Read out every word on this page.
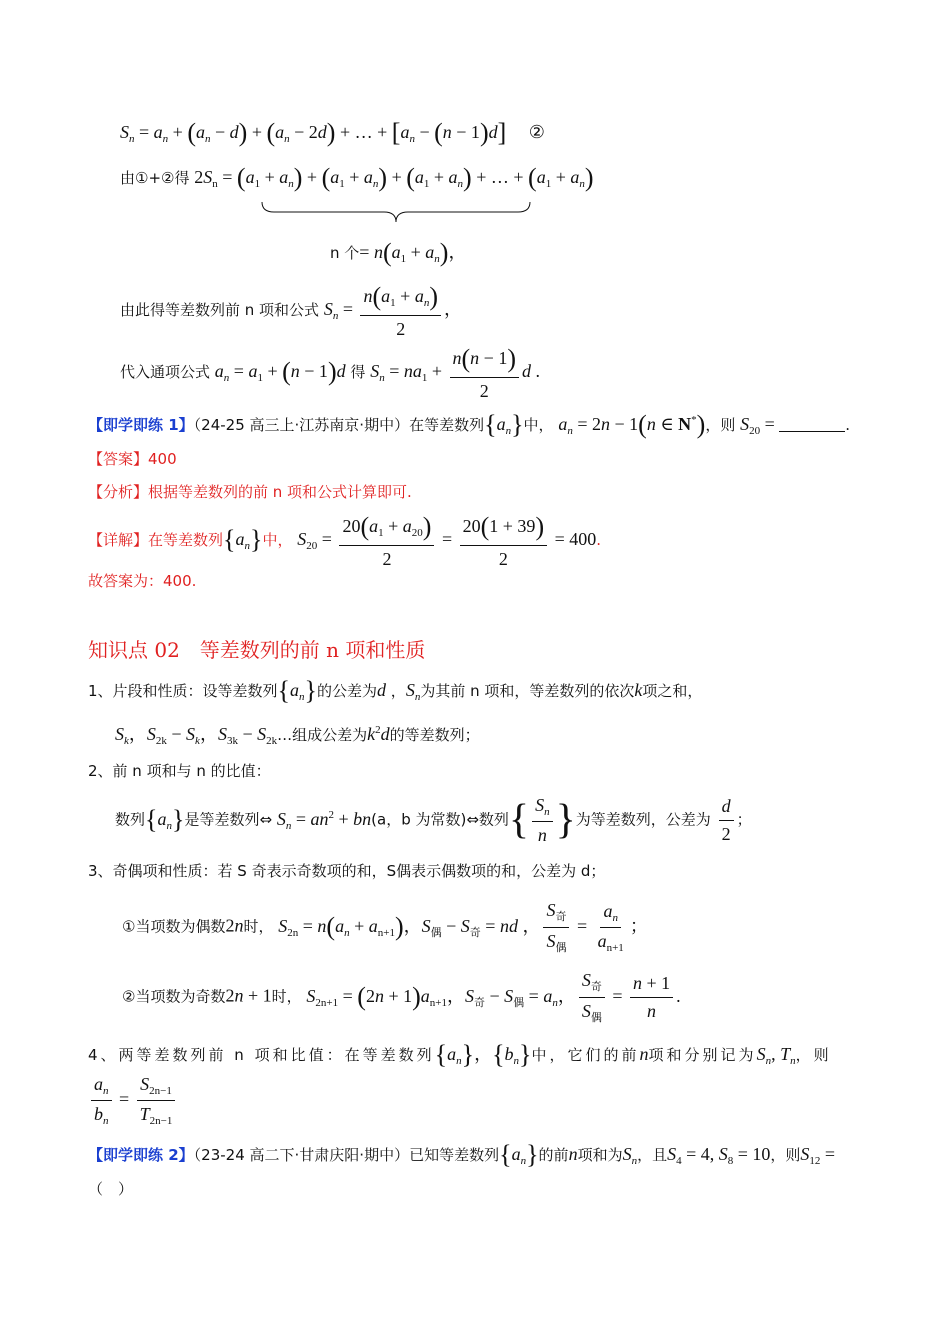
$S_n = a_n + (a_n - d) + (a_n - 2d)$ + … + $[a_n - (n - 1)d]$ ②
由①+②得 $2S_n = (a_1 + a_n) + (a_1 + a_n) + (a_1 + a_n)$ + … + $(a_1 + a_n)$
n 个= $n(a_1 + a_n)$，
由此得等差数列前 n 项和公式 $S_n = \frac{n(a_1 + a_n)}{2}$ ，
代入通项公式 $a_n = a_1 + (n - 1)d$ 得 $S_n = na_1 + \frac{n(n - 1)}{2}$ d .
【即学即练 1】（24-25 高三上·江苏南京·期中）在等差数列$\{a_n\}$中， $a_n = 2n - 1(n$ ∈ N*)，则 $S_{20}$ =	.
【答案】400
【分析】根据等差数列的前 n 项和公式计算即可.
【详解】在等差数列$\{a_n\}$中， $S_{20} = \frac{20(a_1 + a_{20})}{2} = \frac{20(1 + 39)}{2} = 400$.
故答案为：400.
知识点 02　等差数列的前 n 项和性质
1、片段和性质：设等差数列$\{a_n\}$的公差为d ，$S_n$为其前 n 项和，等差数列的依次k项之和，
$S_k$，$S_{2k} - S_k$，$S_{3k}$ − $S_{2k}\dots$组成公差为$k^2d$的等差数列；
2、前 n 项和与 n 的比值：
数列$\{a_n\}$是等差数列⇔ $S_n = an^2 + bn(a$，b 为常数)⇔数列{ $\frac{S_n}{n}$ }为等差数列，公差为 $\frac{d}{2}$ ；
3、奇偶项和性质：若 S 奇表示奇数项的和，S偶表示偶数项的和，公差为 d；
①当项数为偶数2n时， $S_{2n} = n(a_n + a_{n+1})$，$S_偶 - S_奇$ = nd ， $\frac{S_奇}{S_偶} = \frac{a_n}{a_{n+1}}$ ；
②当项数为奇数2n + 1时， $S_{2n+1} = (2n + 1)a_{n+1}$，$S_奇 - S_偶 = a_n$， $\frac{S_奇}{S_偶} = \frac{n + 1}{n}$ .
4、两等差数列前 n 项和比值：在等差数列$\{a_n\}$，$\{b_n\}$中，它们的前n项和分别记为$S_n$, $T_n$，则
$\frac{a_n}{b_n} = \frac{S_{2n-1}}{T_{2n-1}}$
【即学即练 2】（23-24 高二下·甘肃庆阳·期中）已知等差数列$\{a_n\}$的前n项和为$S_n$，且$S_4 = 4$, $S_8 = 10$，则$S_{12}$ =
（　）
